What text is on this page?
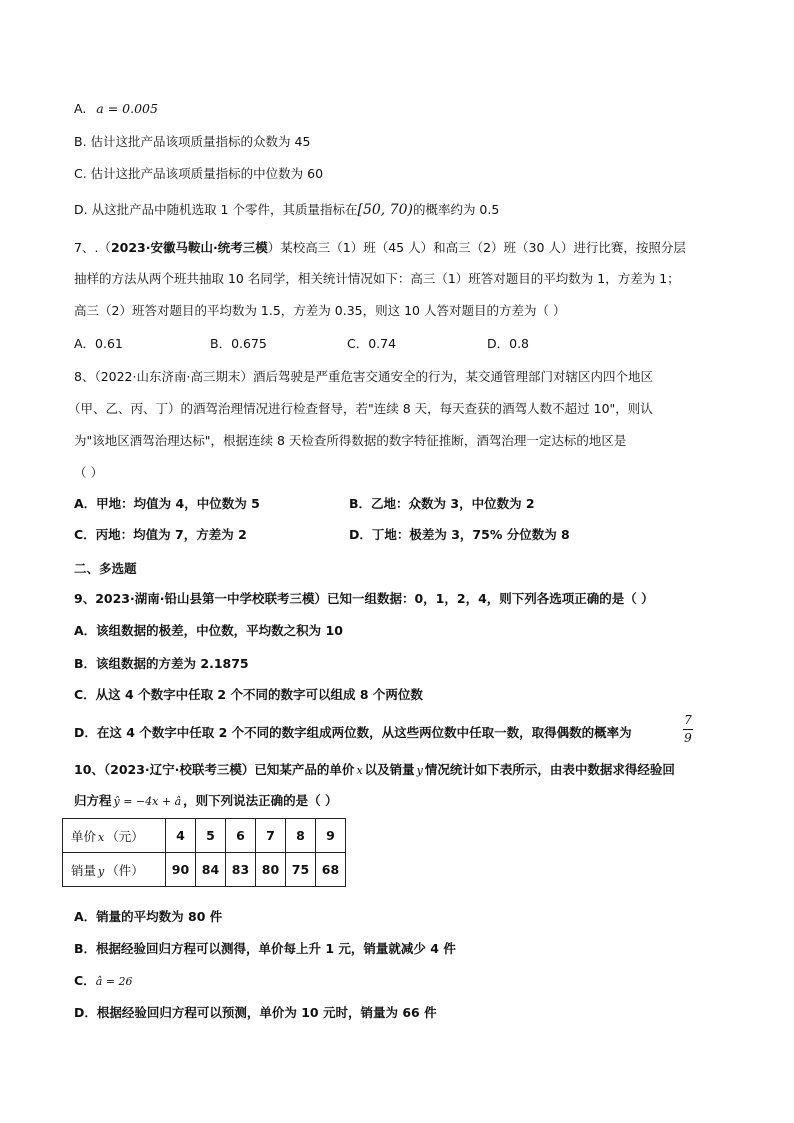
A. a = 0.005
B. 估计这批产品该项质量指标的众数为 45
C. 估计这批产品该项质量指标的中位数为 60
D. 从这批产品中随机选取 1 个零件，其质量指标在[50, 70)的概率约为 0.5
7、.（2023·安徽马鞍山·统考三模）某校高三（1）班（45 人）和高三（2）班（30 人）进行比赛，按照分层
抽样的方法从两个班共抽取 10 名同学，相关统计情况如下：高三（1）班答对题目的平均数为 1，方差为 1；
高三（2）班答对题目的平均数为 1.5，方差为 0.35，则这 10 人答对题目的方差为（ ）
A．0.61	B．0.675	C．0.74	D．0.8
8、（2022·山东济南·高三期末）酒后驾驶是严重危害交通安全的行为，某交通管理部门对辖区内四个地区
（甲、乙、丙、丁）的酒驾治理情况进行检查督导，若"连续 8 天，每天查获的酒驾人数不超过 10"，则认
为"该地区酒驾治理达标"，根据连续 8 天检查所得数据的数字特征推断，酒驾治理一定达标的地区是
（ ）
A．甲地：均值为 4，中位数为 5	B．乙地：众数为 3，中位数为 2
C．丙地：均值为 7，方差为 2	D．丁地：极差为 3，75% 分位数为 8
二、多选题
9、2023·湖南·铅山县第一中学校联考三模）已知一组数据：0，1，2，4，则下列各选项正确的是（ ）
A．该组数据的极差，中位数，平均数之积为 10
B．该组数据的方差为 2.1875
C．从这 4 个数字中任取 2 个不同的数字可以组成 8 个两位数
D．在这 4 个数字中任取 2 个不同的数字组成两位数，从这些两位数中任取一数，取得偶数的概率为
7
9
10、（2023·辽宁·校联考三模）已知某产品的单价 x 以及销量 y 情况统计如下表所示，由表中数据求得经验回
归方程 ŷ = −4x + â ，则下列说法正确的是（ ）
单价 x （元）	4	5	6	7	8	9
销量 y （件）	90	84	83	80	75	68
A．销量的平均数为 80 件
B．根据经验回归方程可以测得，单价每上升 1 元，销量就减少 4 件
C．â = 26
D．根据经验回归方程可以预测，单价为 10 元时，销量为 66 件
